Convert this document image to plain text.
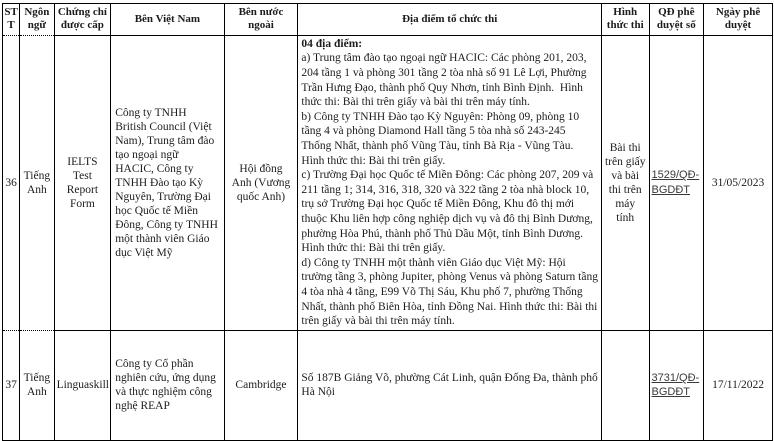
STT	Ngôn ngữ	Chứng chỉ được cấp	Bên Việt Nam	Bên nước ngoài	Địa điểm tổ chức thi	Hình thức thi	QĐ phê duyệt số	Ngày phê duyệt
36	Tiếng Anh	IELTS Test Report Form	Công ty TNHH British Council (Việt Nam), Trung tâm đào tạo ngoại ngữ HACIC, Công ty TNHH Đào tạo Kỳ Nguyên, Trường Đại học Quốc tế Miền Đông, Công ty TNHH một thành viên Giáo dục Việt Mỹ	Hội đồng Anh (Vương quốc Anh)	04 địa điểm:

a) Trung tâm đào tạo ngoại ngữ HACIC: Các phòng 201, 203, 204 tầng 1 và phòng 301 tầng 2 tòa nhà số 91 Lê Lợi, Phường Trần Hưng Đạo, thành phố Quy Nhơn, tỉnh Bình Định.  Hình thức thi: Bài thi trên giấy và bài thi trên máy tính.

b) Công ty TNHH Đào tạo Kỳ Nguyên: Phòng 09, phòng 10 tầng 4 và phòng Diamond Hall tầng 5 tòa nhà số 243-245 Thống Nhất, thành phố Vũng Tàu, tỉnh Bà Rịa - Vũng Tàu.  Hình thức thi: Bài thi trên giấy.

c) Trường Đại học Quốc tế Miền Đông: Các phòng 207, 209 và 211 tầng 1; 314, 316, 318, 320 và 322 tầng 2 tòa nhà block 10, trụ sở Trường Đại học Quốc tế Miền Đông, Khu đô thị mới thuộc Khu liên hợp công nghiệp dịch vụ và đô thị Bình Dương, phường Hòa Phú, thành phố Thủ Dầu Một, tỉnh Bình Dương.  Hình thức thi: Bài thi trên giấy.

d) Công ty TNHH một thành viên Giáo dục Việt Mỹ: Hội trường tầng 3, phòng Jupiter, phòng Venus và phòng Saturn tầng 4 tòa nhà 4 tầng, E99 Võ Thị Sáu, Khu phố 7, phường Thống Nhất, thành phố Biên Hòa, tỉnh Đồng Nai. Hình thức thi: Bài thi trên giấy và bài thi trên máy tính.	Bài thi trên giấy và bài thi trên máy tính	1529/QĐ-BGDĐT	31/05/2023
37	Tiếng Anh	Linguaskill	Công ty Cổ phần nghiên cứu, ứng dụng và thực nghiệm công nghệ REAP	Cambridge	Số 187B Giảng Võ, phường Cát Linh, quận Đống Đa, thành phố Hà Nội		3731/QĐ-BGDĐT	17/11/2022
